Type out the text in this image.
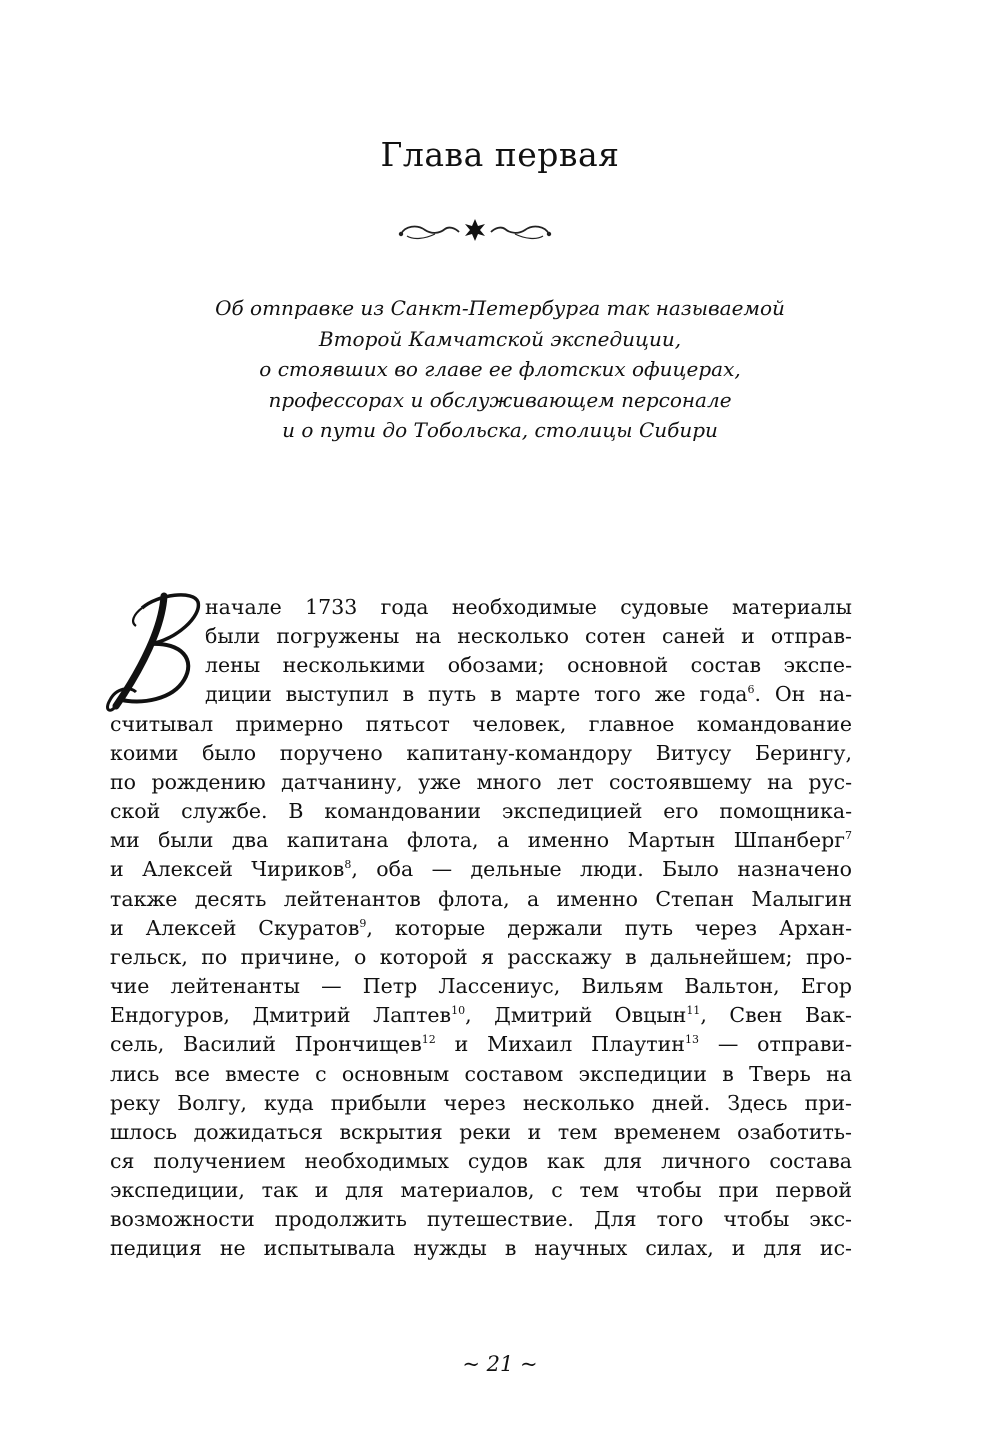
Глава первая
Об отправке из Санкт-Петербурга так называемой
Второй Камчатской экспедиции,
о стоявших во главе ее флотских офицерах,
профессорах и обслуживающем персонале
и о пути до Тобольска, столицы Сибири
начале 1733 года необходимые судовые материалы
были погружены на несколько сотен саней и отправ-
лены несколькими обозами; основной состав экспе-
диции выступил в путь в марте того же года$^6$. Он на-
считывал примерно пятьсот человек, главное командование
коими было поручено капитану-командору Витусу Берингу,
по рождению датчанину, уже много лет состоявшему на рус-
ской службе. В командовании экспедицией его помощника-
ми были два капитана флота, а именно Мартын Шпанберг$^7$
и Алексей Чириков$^8$, оба — дельные люди. Было назначено
также десять лейтенантов флота, а именно Степан Малыгин
и Алексей Скуратов$^9$, которые держали путь через Архан-
гельск, по причине, о которой я расскажу в дальнейшем; про-
чие лейтенанты — Петр Лассениус, Вильям Вальтон, Егор
Ендогуров, Дмитрий Лаптев$^{10}$, Дмитрий Овцын$^{11}$, Свен Вак-
сель, Василий Прончищев$^{12}$ и Михаил Плаутин$^{13}$ — отправи-
лись все вместе с основным составом экспедиции в Тверь на
реку Волгу, куда прибыли через несколько дней. Здесь при-
шлось дожидаться вскрытия реки и тем временем озаботить-
ся получением необходимых судов как для личного состава
экспедиции, так и для материалов, с тем чтобы при первой
возможности продолжить путешествие. Для того чтобы экс-
педиция не испытывала нужды в научных силах, и для ис-
~ 21 ~
